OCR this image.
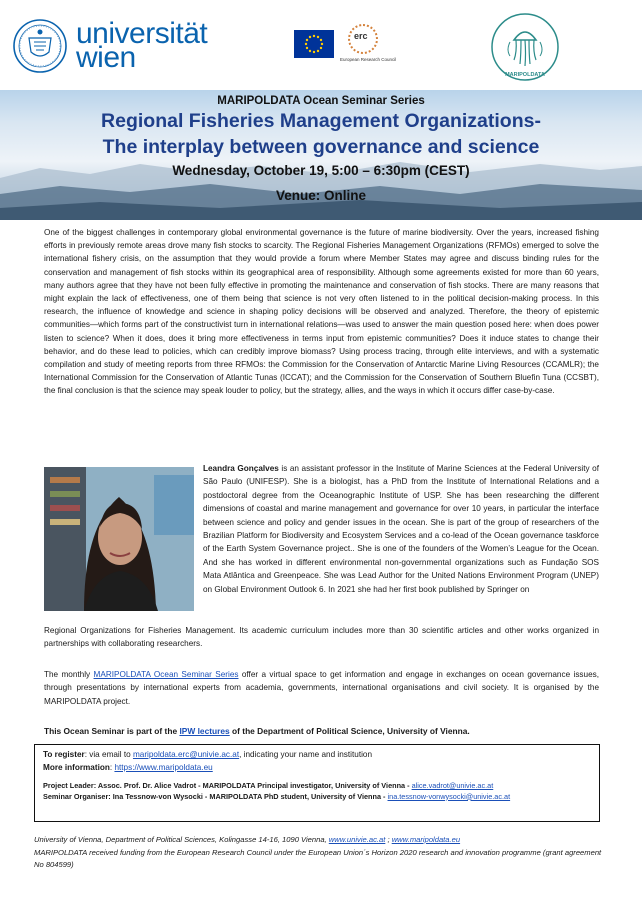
universität
wien
erc
European Research Council
MARIPOLDATA
MARIPOLDATA Ocean Seminar Series
Regional Fisheries Management Organizations-
The interplay between governance and science
Wednesday, October 19, 5:00 – 6:30pm (CEST)
Venue: Online

One of the biggest challenges in contemporary global environmental governance is the future of marine biodiversity. Over the years, increased fishing efforts in previously remote areas drove many fish stocks to scarcity. The Regional Fisheries Management Organizations (RFMOs) emerged to solve the international fishery crisis, on the assumption that they would provide a forum where Member States may agree and discuss binding rules for the conservation and management of fish stocks within its geographical area of responsibility. Although some agreements existed for more than 60 years, many authors agree that they have not been fully effective in promoting the maintenance and conservation of fish stocks. There are many reasons that might explain the lack of effectiveness, one of them being that science is not very often listened to in the political decision-making process. In this research, the influence of knowledge and science in shaping policy decisions will be observed and analyzed. Therefore, the theory of epistemic communities—which forms part of the constructivist turn in international relations—was used to answer the main question posed here: when does power listen to science? When it does, does it bring more effectiveness in terms input from epistemic communities? Does it induce states to change their behavior, and do these lead to policies, which can credibly improve biomass? Using process tracing, through elite interviews, and with a systematic compilation and study of meeting reports from three RFMOs: the Commission for the Conservation of Antarctic Marine Living Resources (CCAMLR); the International Commission for the Conservation of Atlantic Tunas (ICCAT); and the Commission for the Conservation of Southern Bluefin Tuna (CCSBT), the final conclusion is that the science may speak louder to policy, but the strategy, allies, and the ways in which it occurs differ case-by-case.

Leandra Gonçalves is an assistant professor in the Institute of Marine Sciences at the Federal University of São Paulo (UNIFESP). She is a biologist, has a PhD from the Institute of International Relations and a postdoctoral degree from the Oceanographic Institute of USP. She has been researching the different dimensions of coastal and marine management and governance for over 10 years, in particular the interface between science and policy and gender issues in the ocean. She is part of the group of researchers of the Brazilian Platform for Biodiversity and Ecosystem Services and a co-lead of the Ocean governance taskforce of the Earth System Governance project.. She is one of the founders of the Women’s League for the Ocean. And she has worked in different environmental non-governmental organizations such as Fundação SOS Mata Atlântica and Greenpeace. She was Lead Author for the United Nations Environment Program (UNEP) on Global Environment Outlook 6. In 2021 she had her first book published by Springer on

Regional Organizations for Fisheries Management. Its academic curriculum includes more than 30 scientific articles and other works organized in partnerships with collaborating researchers.

The monthly MARIPOLDATA Ocean Seminar Series offer a virtual space to get information and engage in exchanges on ocean governance issues, through presentations by international experts from academia, governments, international organisations and civil society. It is organised by the MARIPOLDATA project.

This Ocean Seminar is part of the IPW lectures of the Department of Political Science, University of Vienna.

To register: via email to maripoldata.erc@univie.ac.at, indicating your name and institution
More information: https://www.maripoldata.eu
Project Leader: Assoc. Prof. Dr. Alice Vadrot - MARIPOLDATA Principal investigator, University of Vienna - alice.vadrot@univie.ac.at
Seminar Organiser: Ina Tessnow-von Wysocki - MARIPOLDATA PhD student, University of Vienna - ina.tessnow-vonwysocki@univie.ac.at
University of Vienna, Department of Political Sciences, Kolingasse 14-16, 1090 Vienna, www.univie.ac.at ; www.maripoldata.eu
MARIPOLDATA received funding from the European Research Council under the European Union´s Horizon 2020 research and innovation programme (grant agreement No 804599)
